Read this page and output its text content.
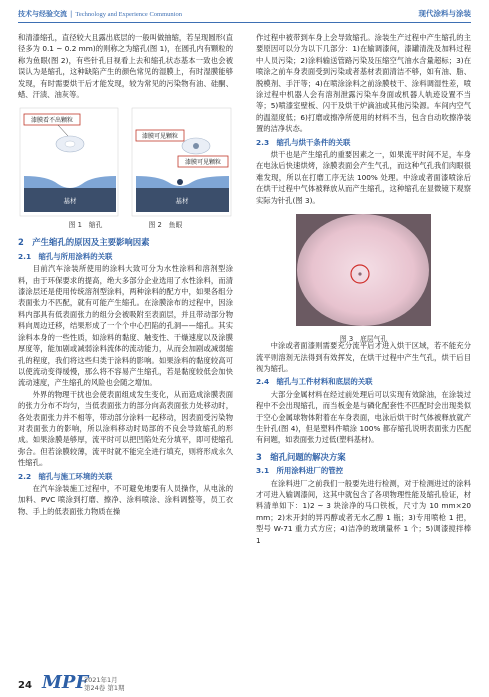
技术与经验交流 | Technology and Experience Communion	现代涂料与涂装

和清漆缩孔，直径较大且露出底层的一般叫做抽缩，若呈现圆形(直径多为 0.1 ~ 0.2 mm)的则称之为缩孔(图 1)，在圆孔内有颗粒的称为鱼眼(图 2)，有些针孔目视看上去和缩孔状态基本一致也会被误认为是缩孔，这种缺陷产生的颜色常见的湿膜上，有时湿膜能够发现，有时需要烘干后才能发现，较为常见的污染物有油、硅酮、蜡、汗渍、油灰等。

漆膜看不出颗粒
基材
漆膜可见颗粒
漆膜可见颗粒
基材
图 1　缩孔	图 2　鱼眼
2　产生缩孔的原因及主要影响因素
2.1　缩孔与所用涂料的关联

目前汽车涂装所使用的涂料大致可分为水性涂料和溶剂型涂料，由于环保要求的提高，绝大多部分企业选用了水性涂料，而清漆涂层还是使用传统溶剂型涂料，两种涂料的配方中，如果各组分表面张力不匹配，就有可能产生缩孔。在涂膜涂布的过程中，因涂料内部具有低表面张力的组分会被吸附至表面层，并且带动部分物料向周边迁移，结果形成了一个个中心凹陷的孔洞——缩孔。其实涂料本身的一些性质，如涂料的黏度、触变性、干燥速度以及涂膜厚度等，能加剧或减弱涂料流体的流动能力，从而会加剧或减弱缩孔的程度，我们将这些归类于涂料的影响。如果涂料的黏度较高可以使流动变得缓慢，那么将不容易产生缩孔，若是黏度较低会加快流动速度，产生缩孔的风险也会随之增加。

外界的物理干扰也会使表面组成发生变化，从而造成涂膜表面的张力分布不均匀，当低表面张力的部分向高表面张力处移动时，各处表面张力并不相等，带动部分涂料一起移动，因表面受污染物对表面张力的影响，所以涂料移动时局部的不良会导致缩孔的形成。如果涂膜是够厚，流平时可以把凹陷处充分填平，即可使缩孔弥合。但若涂膜较薄，流平时就不能完全进行填充，则将形成永久性缩孔。

2.2　缩孔与施工环境的关联

在汽车涂装施工过程中，不可避免地要有人员操作，从电泳的加料、PVC 喷涂到打磨、擦净、涂料喷涂、涂料调整等，员工衣物、手上的低表面张力物质在操

作过程中被带到车身上会导致缩孔。涂装生产过程中产生缩孔的主要原因可以分为以下几部分：1)在输调漆间，漆罐清洗及加料过程中人员污染；2)涂料输送管路污染及压缩空气油水含量超标；3)在喷涂之前车身表面受到污染或者基材表面清洁不够，如有油、脂、脱模剂、手汗等；4)在喷涂涂料之前涂膜枝干、涂料调湿性差，喷涂过程中机器人会有溶剂泄露污染车身面或机器人轨迹设置不当等；5)喷漆室壁板、闪干及烘干炉滴油或其他污染源。车间内空气的温湿度低；6)打磨或擦净所使用的材料不当，包含自动吹擦净装置的洁净状态。

2.3　缩孔与烘干条件的关联

烘干也是产生缩孔的重要因素之一，如果流平时间不足，车身在电泳后快速烘烤，涂膜表面会产生气孔，而这种气孔我们肉眼很难发现，所以在打磨工序无法 100% 处理。中涂或者面漆喷涂后在烘干过程中气体被释放从而产生缩孔，这种缩孔在显微镜下观察实际为针孔(图 3)。

图 3　底层气孔

中涂或者面漆则需要充分流平后才进入烘干区域，若不能充分流平则溶剂无法得到有效挥发，在烘干过程中产生气孔，烘干后目视为缩孔。

2.4　缩孔与工件材料和底层的关联

大部分金属材料在经过前处理后可以实现有效除油，在涂装过程中不会出现缩孔，而当板金是与磷化配套性不匹配时会出现类似于空心金属球物体附着在车身表面，电泳后烘干时气体被释放就产生针孔(图 4)，但是塑料件喷涂 100% 都存缩孔说明表面张力匹配有问题，如表面张力过低(塑料基材)。

3　缩孔问题的解决方案
3.1　所用涂料进厂的管控

在涂料进厂之前我们一般要先进行检测，对于检测进过的涂料才可进入输调漆间，这其中就包含了各项物理性能及缩孔验证，材料清单如下：1)2 ~ 3 块涂净的马口铁板，尺寸为 10 mm×20 mm；2)未开封的异丙醇或者无水乙醇 1 瓶；3)专用喷枪 1 把，型号 W-71 重力式方应；4)洁净的玻璃量杯 1 个；5)调漆搅拌棒 1

24 MPF
2021年1月
第24卷 第1期
